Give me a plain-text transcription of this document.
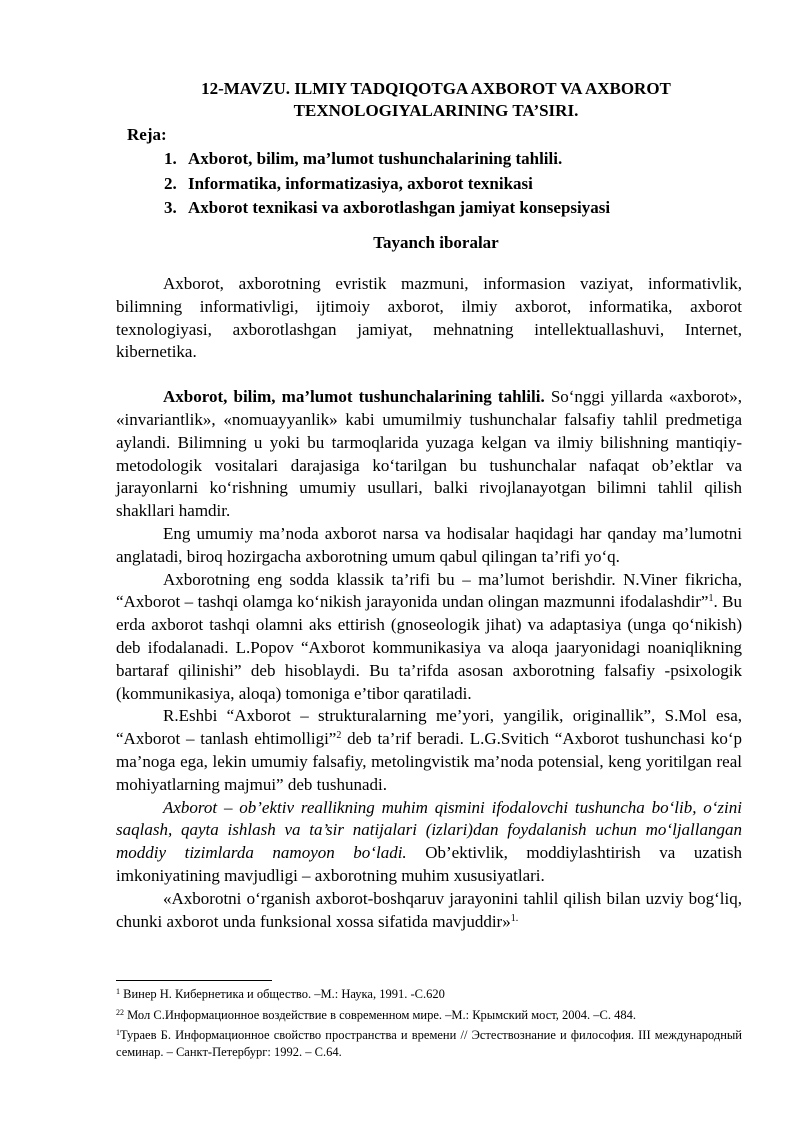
12-MAVZU. ILMIY TADQIQOTGA AXBOROT VA AXBOROT
TEXNOLOGIYALARINING TA’SIRI.
Reja:
1. Axborot, bilim, ma’lumot tushunchalarining tahlili.
2. Informatika, informatizasiya, axborot texnikasi
3. Axborot texnikasi va axborotlashgan jamiyat konsepsiyasi
Tayanch iboralar

Axborot, axborotning evristik mazmuni, informasion vaziyat, informativlik, bilimning informativligi, ijtimoiy axborot, ilmiy axborot, informatika, axborot texnologiyasi, axborotlashgan jamiyat, mehnatning intellektuallashuvi, Internet, kibernetika.

Axborot, bilim, ma’lumot tushunchalarining tahlili. So‘nggi yillarda «axborot», «invariantlik», «nomuayyanlik» kabi umumilmiy tushunchalar falsafiy tahlil predmetiga aylandi. Bilimning u yoki bu tarmoqlarida yuzaga kelgan va ilmiy bilishning mantiqiy-metodologik vositalari darajasiga ko‘tarilgan bu tushunchalar nafaqat ob’ektlar va jarayonlarni ko‘rishning umumiy usullari, balki rivojlanayotgan bilimni tahlil qilish shakllari hamdir.

Eng umumiy ma’noda axborot narsa va hodisalar haqidagi har qanday ma’lumotni anglatadi, biroq hozirgacha axborotning umum qabul qilingan ta’rifi yo‘q.

Axborotning eng sodda klassik ta’rifi bu – ma’lumot berishdir. N.Viner fikricha, “Axborot – tashqi olamga ko‘nikish jarayonida undan olingan mazmunni ifodalashdir”$^1$. Bu erda axborot tashqi olamni aks ettirish (gnoseologik jihat) va adaptasiya (unga qo‘nikish) deb ifodalanadi. L.Popov “Axborot kommunikasiya va aloqa jaaryonidagi noaniqlikning bartaraf qilinishi” deb hisoblaydi. Bu ta’rifda asosan axborotning falsafiy -psixologik (kommunikasiya, aloqa) tomoniga e’tibor qaratiladi.

R.Eshbi “Axborot – strukturalarning me’yori, yangilik, originallik”, S.Mol esa, “Axborot – tanlash ehtimolligi”$^2$ deb ta’rif beradi. L.G.Svitich “Axborot tushunchasi ko‘p ma’noga ega, lekin umumiy falsafiy, metolingvistik ma’noda potensial, keng yoritilgan real mohiyatlarning majmui” deb tushunadi.

Axborot – ob’ektiv reallikning muhim qismini ifodalovchi tushuncha bo‘lib, o‘zini saqlash, qayta ishlash va ta’sir natijalari (izlari)dan foydalanish uchun mo‘ljallangan moddiy tizimlarda namoyon bo‘ladi. Ob’ektivlik, moddiylashtirish va uzatish imkoniyatining mavjudligi – axborotning muhim xususiyatlari.

«Axborotni o‘rganish axborot-boshqaruv jarayonini tahlil qilish bilan uzviy bog‘liq, chunki axborot unda funksional xossa sifatida mavjuddir»$^{1.}$

$^1$ Винер Н. Кибернетика и общество. –М.: Наука, 1991. -С.620
$^{22}$ Мол С.Информационное воздействие в современном мире. –М.: Крымский мост, 2004. –С. 484.
$^1$Тураев Б. Информационное свойство пространства и времени // Эстествознание и философия. III международный семинар. – Санкт-Петербург: 1992. – С.64.
